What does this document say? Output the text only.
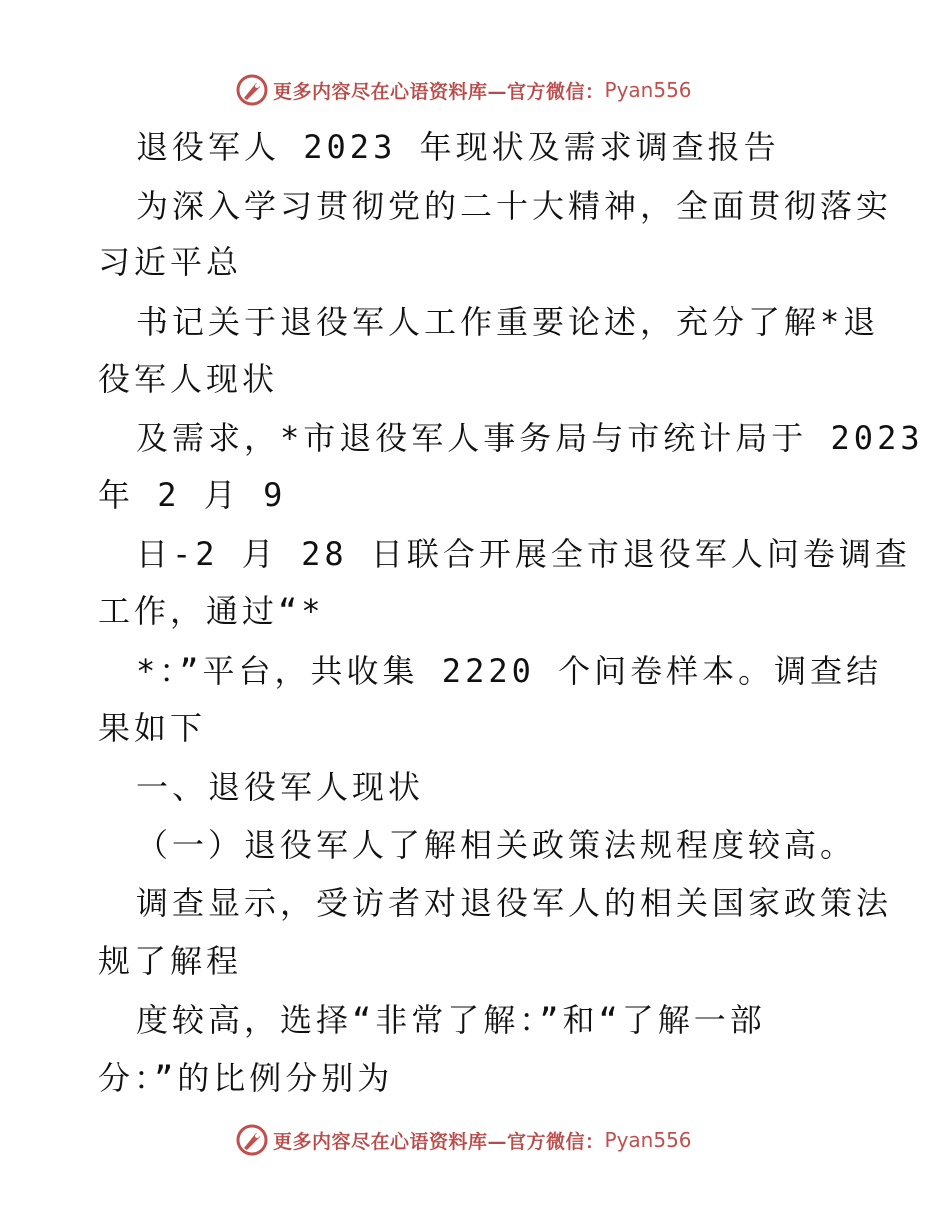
更多内容尽在心语资料库—官方微信： Pyan556
退役军人 2023 年现状及需求调查报告
为深入学习贯彻党的二十大精神，全面贯彻落实
习近平总
书记关于退役军人工作重要论述，充分了解*退
役军人现状
及需求，*市退役军人事务局与市统计局于 2023
年 2 月 9
日-2 月 28 日联合开展全市退役军人问卷调查
工作，通过“*
*：”平台，共收集 2220 个问卷样本。调查结
果如下
一、退役军人现状
（一）退役军人了解相关政策法规程度较高。
调查显示，受访者对退役军人的相关国家政策法
规了解程
度较高，选择“非常了解：”和“了解一部
分：”的比例分别为
更多内容尽在心语资料库—官方微信： Pyan556
